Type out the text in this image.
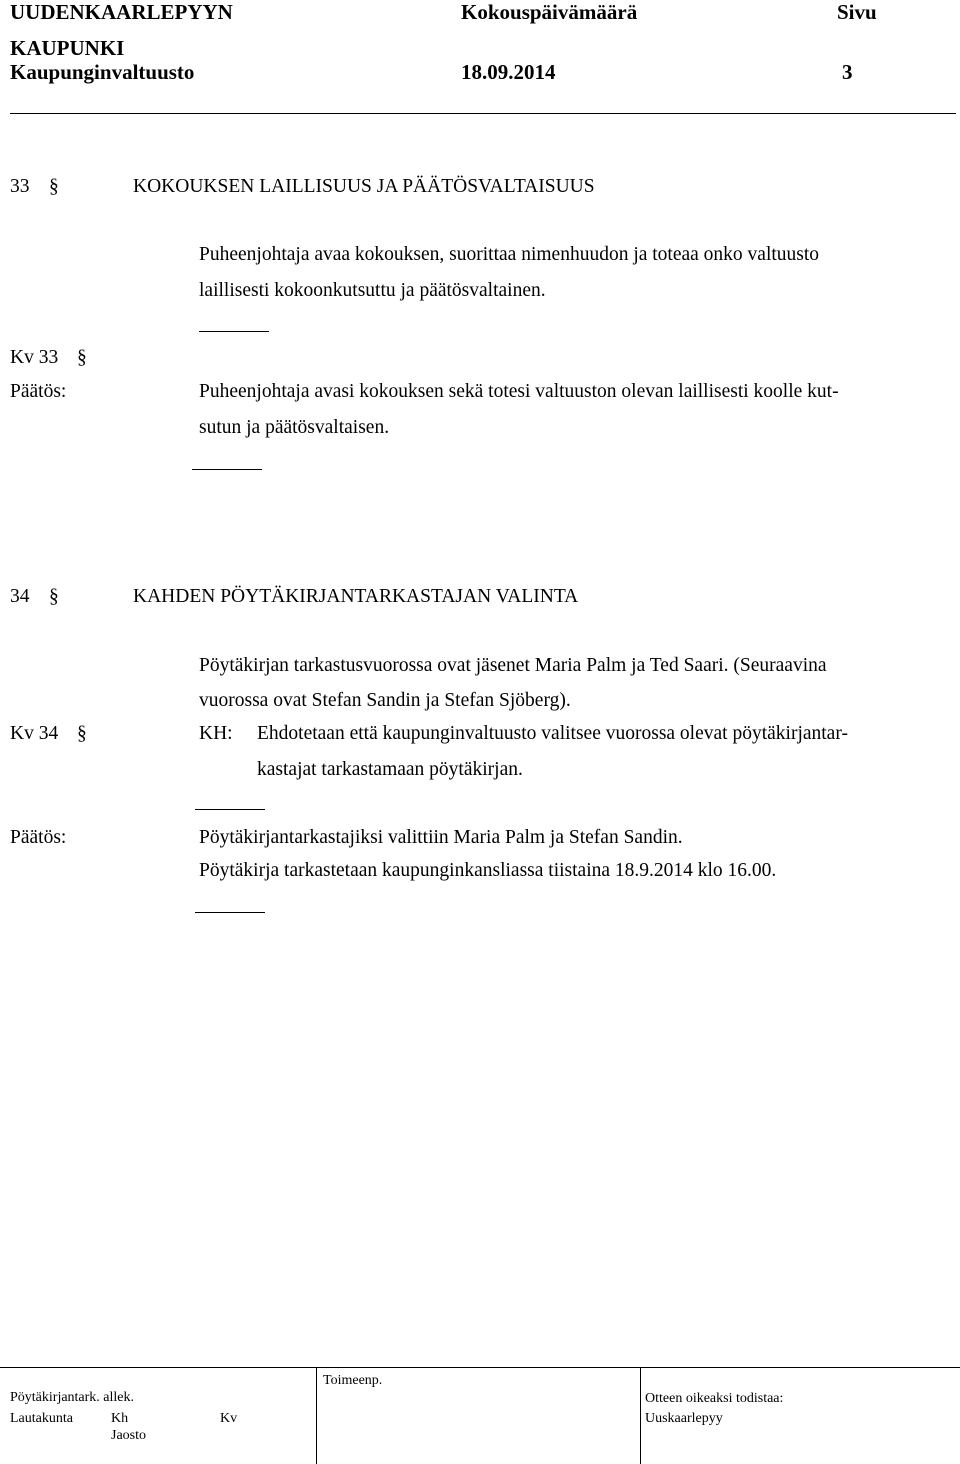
UUDENKAARLEPYYN
KAUPUNKI
Kaupunginvaltuusto
Kokouspäivämäärä
18.09.2014
Sivu
3
33 §	KOKOUKSEN LAILLISUUS JA PÄÄTÖSVALTAISUUS
Puheenjohtaja avaa kokouksen, suorittaa nimenhuudon ja toteaa onko valtuusto
laillisesti kokoonkutsuttu ja päätösvaltainen.
Kv 33 §
Päätös:	Puheenjohtaja avasi kokouksen sekä totesi valtuuston olevan laillisesti koolle kut-
sutun ja päätösvaltaisen.
34 §	KAHDEN PÖYTÄKIRJANTARKASTAJAN VALINTA
Pöytäkirjan tarkastusvuorossa ovat jäsenet Maria Palm ja Ted Saari. (Seuraavina
vuorossa ovat Stefan Sandin ja Stefan Sjöberg).
Kv 34 §	KH: Ehdotetaan että kaupunginvaltuusto valitsee vuorossa olevat pöytäkirjantar-
kastajat tarkastamaan pöytäkirjan.
Päätös:	Pöytäkirjantarkastajiksi valittiin Maria Palm ja Stefan Sandin.
Pöytäkirja tarkastetaan kaupunginkansliassa tiistaina 18.9.2014 klo 16.00.
Pöytäkirjantark. allek.
Lautakunta	Kh	Kv
Jaosto
Toimeenp.
Otteen oikeaksi todistaa:
Uuskaarlepyy
